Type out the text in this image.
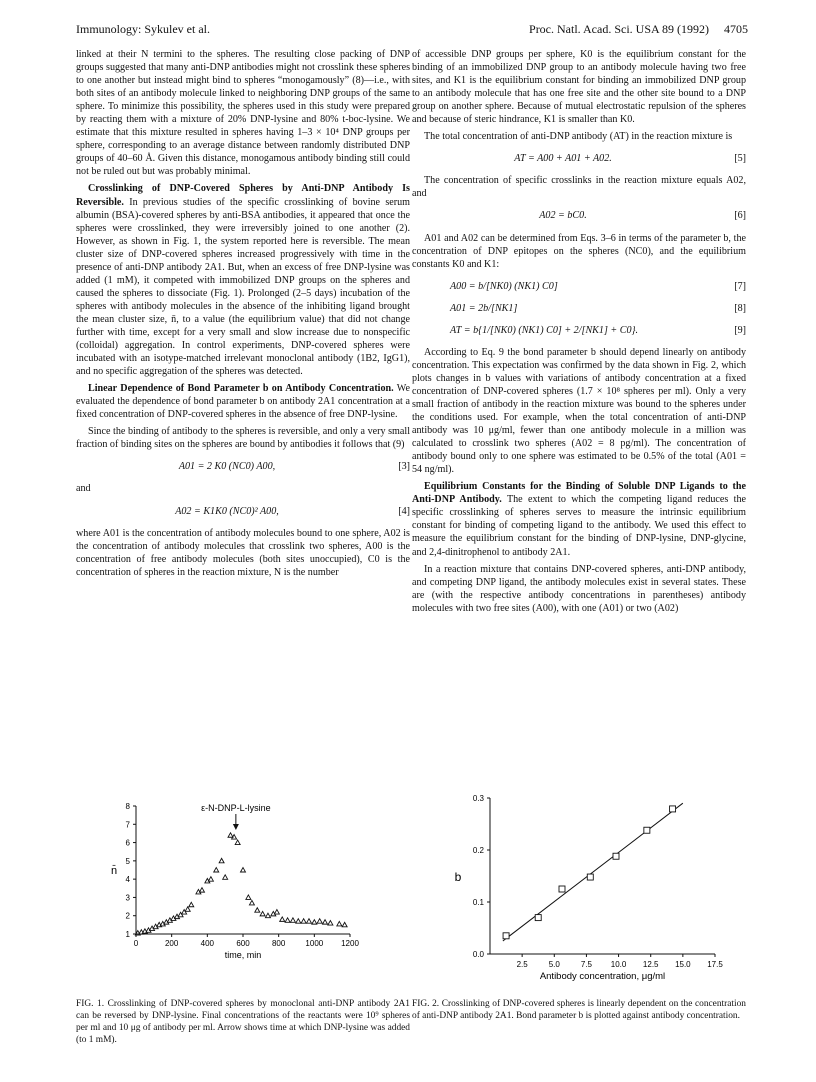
Immunology: Sykulev et al.	Proc. Natl. Acad. Sci. USA 89 (1992) 4705

linked at their N termini to the spheres. The resulting close packing of DNP groups suggested that many anti-DNP antibodies might not crosslink these spheres to one another but instead might bind to spheres “monogamously” (8)—i.e., with both sites of an antibody molecule linked to neighboring DNP groups of the same sphere. To minimize this possibility, the spheres used in this study were prepared by reacting them with a mixture of 20% DNP-lysine and 80% t-boc-lysine. We estimate that this mixture resulted in spheres having 1–3 × 10⁴ DNP groups per sphere, corresponding to an average distance between randomly distributed DNP groups of 40–60 Å. Given this distance, monogamous antibody binding still could not be ruled out but was probably minimal.

Crosslinking of DNP-Covered Spheres by Anti-DNP Antibody Is Reversible. In previous studies of the specific crosslinking of bovine serum albumin (BSA)-covered spheres by anti-BSA antibodies, it appeared that once the spheres were crosslinked, they were irreversibly joined to one another (2). However, as shown in Fig. 1, the system reported here is reversible. The mean cluster size of DNP-covered spheres increased progressively with time in the presence of anti-DNP antibody 2A1. But, when an excess of free DNP-lysine was added (1 mM), it competed with immobilized DNP groups on the spheres and caused the spheres to dissociate (Fig. 1). Prolonged (2–5 days) incubation of the spheres with antibody molecules in the absence of the inhibiting ligand brought the mean cluster size, n̄, to a value (the equilibrium value) that did not change further with time, except for a very small and slow increase due to nonspecific (colloidal) aggregation. In control experiments, DNP-covered spheres were incubated with an isotype-matched irrelevant monoclonal antibody (1B2, IgG1), and no specific aggregation of the spheres was detected.

Linear Dependence of Bond Parameter b on Antibody Concentration. We evaluated the dependence of bond parameter b on antibody 2A1 concentration at a fixed concentration of DNP-covered spheres in the absence of free DNP-lysine.

Since the binding of antibody to the spheres is reversible, and only a very small fraction of binding sites on the spheres are bound by antibodies it follows that (9)

A01 = 2 K0 (NC0) A00,	[3]

and

A02 = K1K0 (NC0)² A00,	[4]

where A01 is the concentration of antibody molecules bound to one sphere, A02 is the concentration of antibody molecules that crosslink two spheres, A00 is the concentration of free antibody molecules (both sites unoccupied), C0 is the concentration of spheres in the reaction mixture, N is the number

of accessible DNP groups per sphere, K0 is the equilibrium constant for the binding of an immobilized DNP group to an antibody molecule having two free sites, and K1 is the equilibrium constant for binding an immobilized DNP group to an antibody molecule that has one free site and the other site bound to a DNP group on another sphere. Because of mutual electrostatic repulsion of the spheres and because of steric hindrance, K1 is smaller than K0.

The total concentration of anti-DNP antibody (AT) in the reaction mixture is

AT = A00 + A01 + A02.	[5]

The concentration of specific crosslinks in the reaction mixture equals A02, and

A02 = bC0.	[6]

A01 and A02 can be determined from Eqs. 3–6 in terms of the parameter b, the concentration of DNP epitopes on the spheres (NC0), and the equilibrium constants K0 and K1:

A00 = b/[NK0) (NK1) C0]	[7]
A01 = 2b/[NK1]	[8]
AT = b{1/[NK0) (NK1) C0] + 2/[NK1] + C0}.	[9]

According to Eq. 9 the bond parameter b should depend linearly on antibody concentration. This expectation was confirmed by the data shown in Fig. 2, which plots changes in b values with variations of antibody concentration at a fixed concentration of DNP-covered spheres (1.7 × 10⁸ spheres per ml). Only a very small fraction of antibody in the reaction mixture was bound to the spheres under the conditions used. For example, when the total concentration of anti-DNP antibody was 10 μg/ml, fewer than one antibody molecule in a million was calculated to crosslink two spheres (A02 = 8 pg/ml). The concentration of antibody bound only to one sphere was estimated to be 0.5% of the total (A01 = 54 ng/ml).

Equilibrium Constants for the Binding of Soluble DNP Ligands to the Anti-DNP Antibody. The extent to which the competing ligand reduces the specific crosslinking of spheres serves to measure the intrinsic equilibrium constant for binding of competing ligand to the antibody. We used this effect to measure the equilibrium constant for the binding of DNP-lysine, DNP-glycine, and 2,4-dinitrophenol to antibody 2A1.

In a reaction mixture that contains DNP-covered spheres, anti-DNP antibody, and competing DNP ligand, the antibody molecules exist in several states. These are (with the respective antibody concentrations in parentheses) antibody molecules with two free sites (A00), with one (A01) or two (A02)

0	200	400	600	800	1000 1200
1
2
3
4
5
6
7
8
time, min
n̄
ε-N-DNP-L-lysine
FIG. 1. Crosslinking of DNP-covered spheres by monoclonal anti-DNP antibody 2A1 can be reversed by DNP-lysine. Final concentrations of the reactants were 10⁹ spheres per ml and 10 μg of antibody per ml. Arrow shows time at which DNP-lysine was added (to 1 mM).
2.5	5.0	7.5 10.0 12.5 15.0 17.5
0.0
0.1
0.2
0.3
Antibody concentration, μg/ml
b
FIG. 2. Crosslinking of DNP-covered spheres is linearly dependent on the concentration of anti-DNP antibody 2A1. Bond parameter b is plotted against antibody concentration.
